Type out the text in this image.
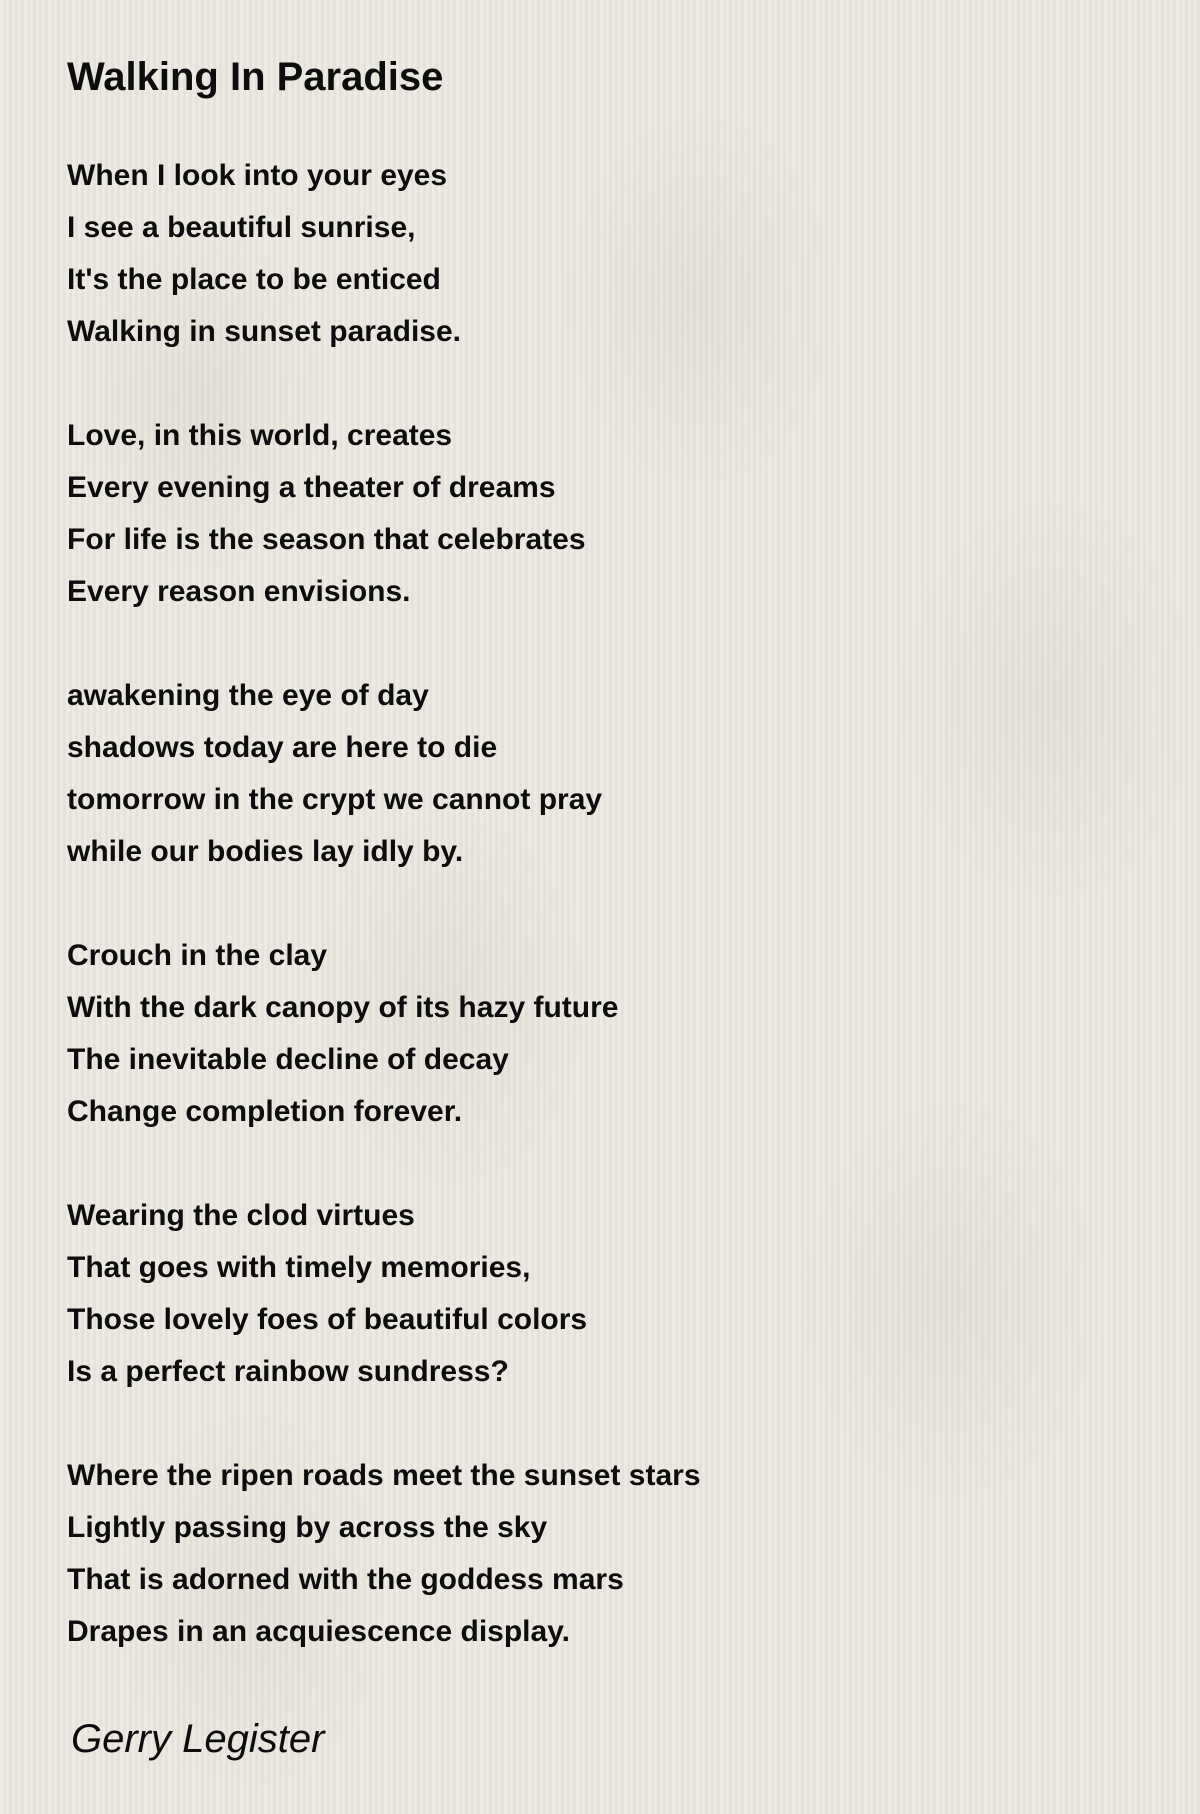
Walking In Paradise
When I look into your eyes
I see a beautiful sunrise,
It's the place to be enticed
Walking in sunset paradise.
Love, in this world, creates
Every evening a theater of dreams
For life is the season that celebrates
Every reason envisions.
awakening the eye of day
shadows today are here to die
tomorrow in the crypt we cannot pray
while our bodies lay idly by.
Crouch in the clay
With the dark canopy of its hazy future
The inevitable decline of decay
Change completion forever.
Wearing the clod virtues
That goes with timely memories,
Those lovely foes of beautiful colors
Is a perfect rainbow sundress?
Where the ripen roads meet the sunset stars
Lightly passing by across the sky
That is adorned with the goddess mars
Drapes in an acquiescence display.
Gerry Legister
